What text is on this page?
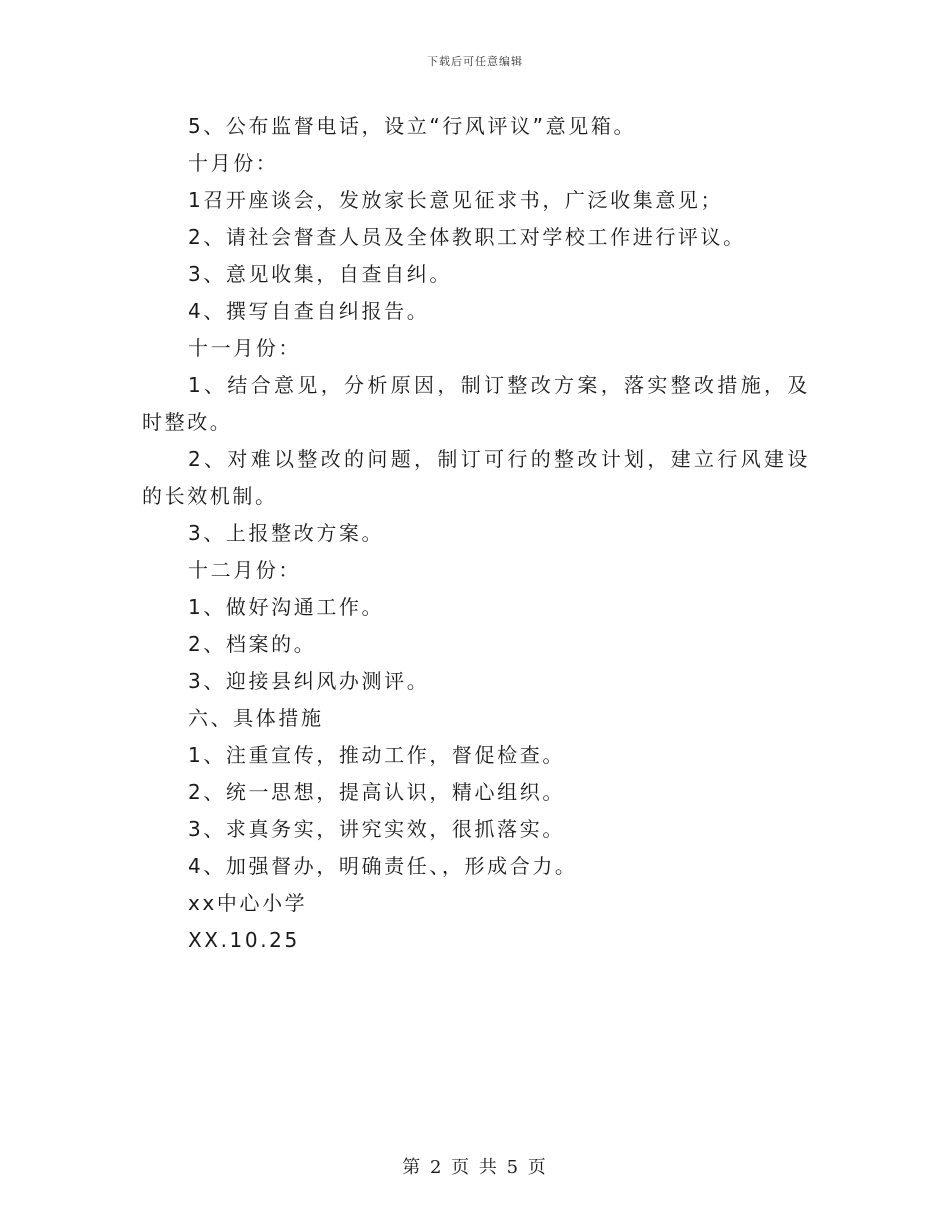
下载后可任意编辑

5、公布监督电话，设立“行风评议”意见箱。

十月份：

1召开座谈会，发放家长意见征求书，广泛收集意见；

2、请社会督查人员及全体教职工对学校工作进行评议。

3、意见收集，自查自纠。

4、撰写自查自纠报告。

十一月份：

1、结合意见，分析原因，制订整改方案，落实整改措施，及时整改。

2、对难以整改的问题，制订可行的整改计划，建立行风建设的长效机制。

3、上报整改方案。

十二月份：

1、做好沟通工作。

2、档案的。

3、迎接县纠风办测评。

六、具体措施

1、注重宣传，推动工作，督促检查。

2、统一思想，提高认识，精心组织。

3、求真务实，讲究实效，很抓落实。

4、加强督办，明确责任、，形成合力。

xx中心小学

XX.10.25

第 2 页 共 5 页
